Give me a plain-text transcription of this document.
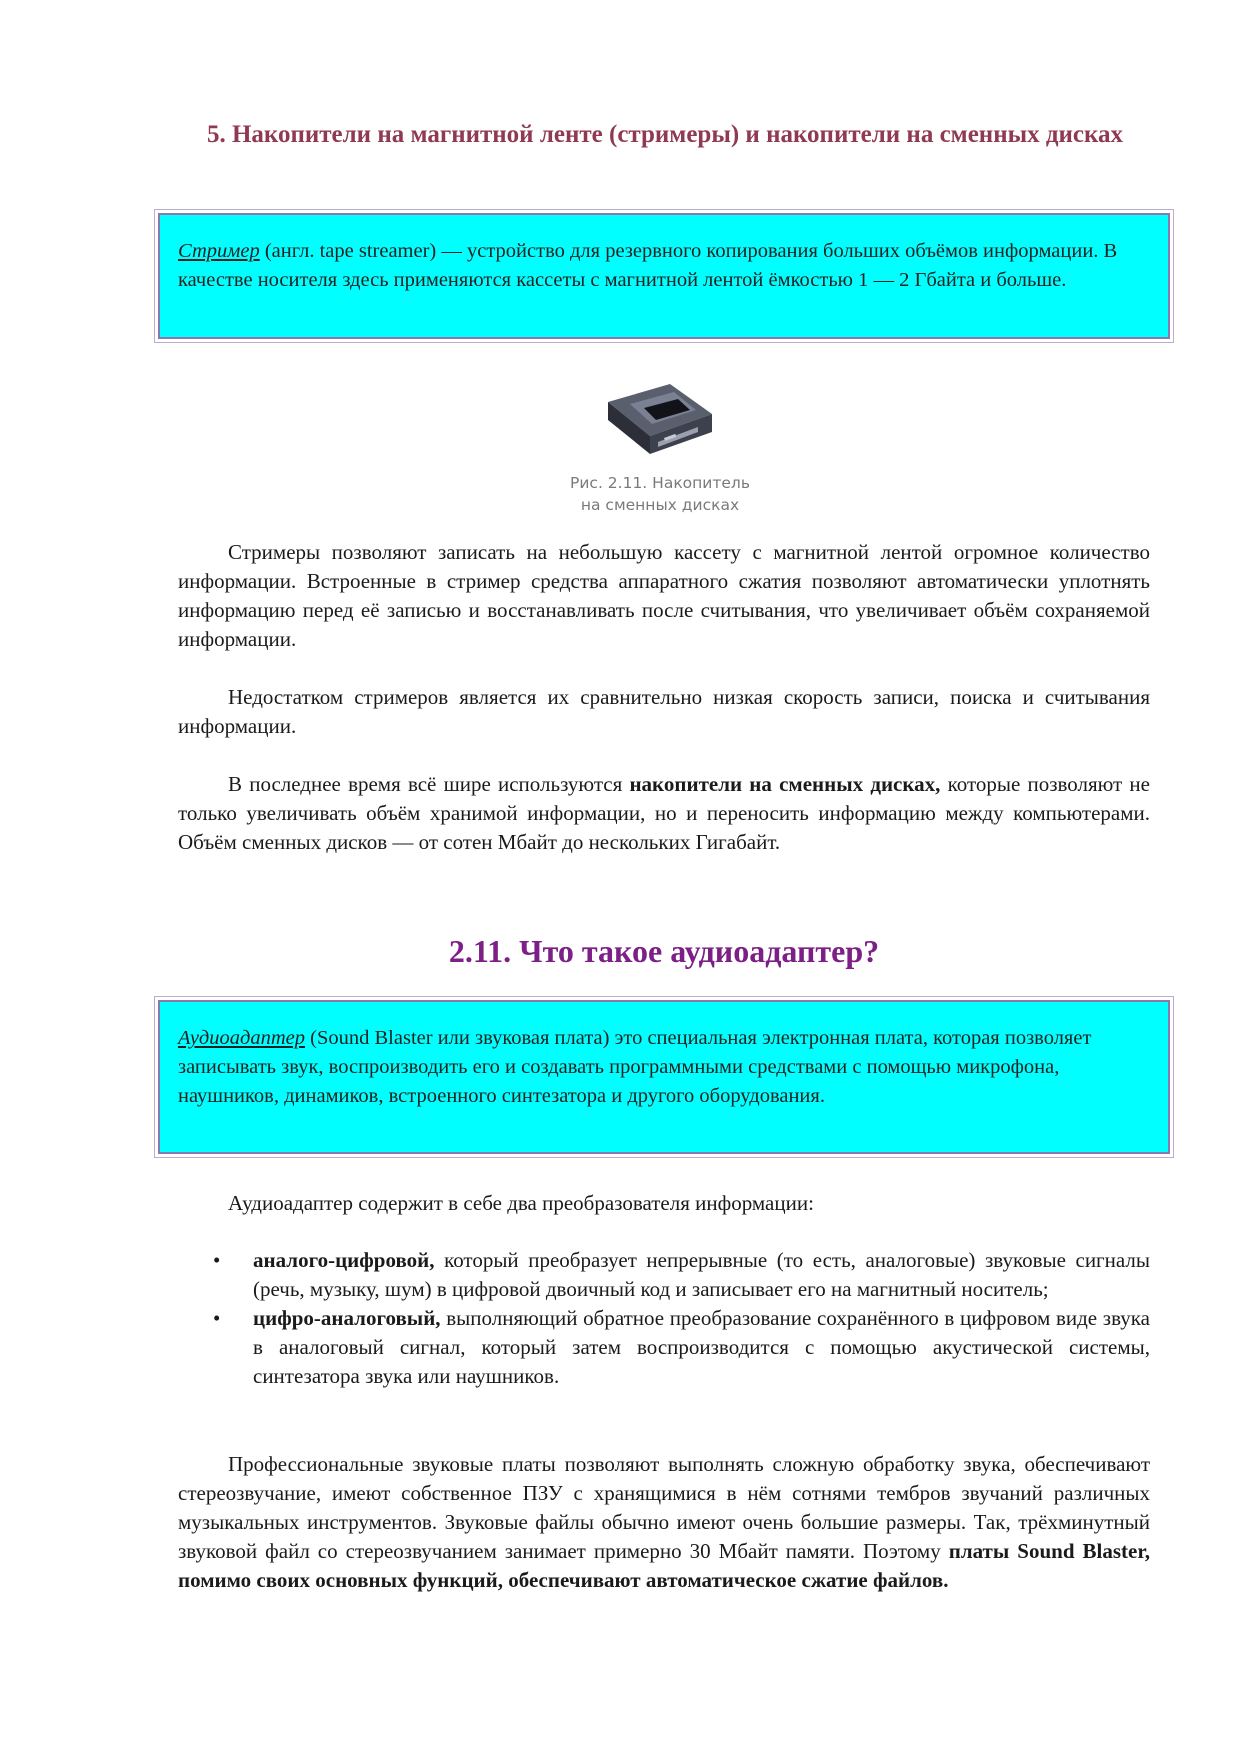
5. Накопители на магнитной ленте (стримеры) и накопители на сменных дисках
Стример (англ. tape streamer) — устройство для резервного копирования больших объёмов информации. В качестве носителя здесь применяются кассеты с магнитной лентой ёмкостью 1 — 2 Гбайта и больше.
Рис. 2.11. Накопитель
на сменных дисках

Стримеры позволяют записать на небольшую кассету с магнитной лентой огромное количество информации. Встроенные в стример средства аппаратного сжатия позволяют автоматически уплотнять информацию перед её записью и восстанавливать после считывания, что увеличивает объём сохраняемой информации.

Недостатком стримеров является их сравнительно низкая скорость записи, поиска и считывания информации.

В последнее время всё шире используются накопители на сменных дисках, которые позволяют не только увеличивать объём хранимой информации, но и переносить информацию между компьютерами. Объём сменных дисков — от сотен Мбайт до нескольких Гигабайт.

2.11. Что такое аудиоадаптер?
Аудиоадаптер (Sound Blaster или звуковая плата) это специальная электронная плата, которая позволяет записывать звук, воспроизводить его и создавать программными средствами с помощью микрофона, наушников, динамиков, встроенного синтезатора и другого оборудования.

Аудиоадаптер содержит в себе два преобразователя информации:

• аналого-цифровой, который преобразует непрерывные (то есть, аналоговые) звуковые сигналы (речь, музыку, шум) в цифровой двоичный код и записывает его на магнитный носитель;
• цифро-аналоговый, выполняющий обратное преобразование сохранённого в цифровом виде звука в аналоговый сигнал, который затем воспроизводится с помощью акустической системы, синтезатора звука или наушников.

Профессиональные звуковые платы позволяют выполнять сложную обработку звука, обеспечивают стереозвучание, имеют собственное ПЗУ с хранящимися в нём сотнями тембров звучаний различных музыкальных инструментов. Звуковые файлы обычно имеют очень большие размеры. Так, трёхминутный звуковой файл со стереозвучанием занимает примерно 30 Мбайт памяти. Поэтому платы Sound Blaster, помимо своих основных функций, обеспечивают автоматическое сжатие файлов.
